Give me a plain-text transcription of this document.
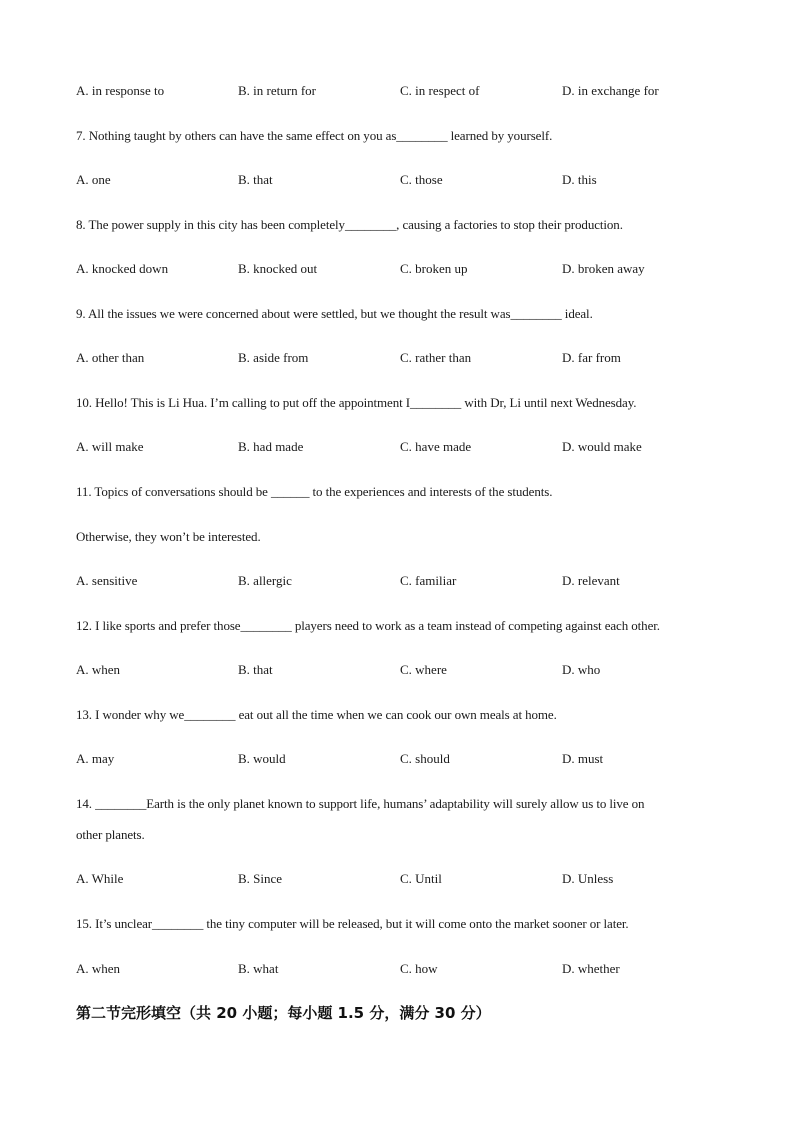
A. in response to	B. in return for	C. in respect of	D. in exchange for
7. Nothing taught by others can have the same effect on you as________ learned by yourself.
A. one	B. that	C. those	D. this
8. The power supply in this city has been completely________, causing a factories to stop their production.
A. knocked down	B. knocked out	C. broken up	D. broken away
9. All the issues we were concerned about were settled, but we thought the result was________ ideal.
A. other than	B. aside from	C. rather than	D. far from
10. Hello! This is Li Hua. I’m calling to put off the appointment I________ with Dr, Li until next Wednesday.
A. will make	B. had made	C. have made	D. would make
11. Topics of conversations should be ______ to the experiences and interests of the students.
Otherwise, they won’t be interested.
A. sensitive	B. allergic	C. familiar	D. relevant
12. I like sports and prefer those________ players need to work as a team instead of competing against each other.
A. when	B. that	C. where	D. who
13. I wonder why we________ eat out all the time when we can cook our own meals at home.
A. may	B. would	C. should	D. must
14. ________Earth is the only planet known to support life, humans’ adaptability will surely allow us to live on
other planets.
A. While	B. Since	C. Until	D. Unless
15. It’s unclear________ the tiny computer will be released, but it will come onto the market sooner or later.
A. when	B. what	C. how	D. whether
第二节完形填空（共 20 小题；每小题 1.5 分，满分 30 分）
